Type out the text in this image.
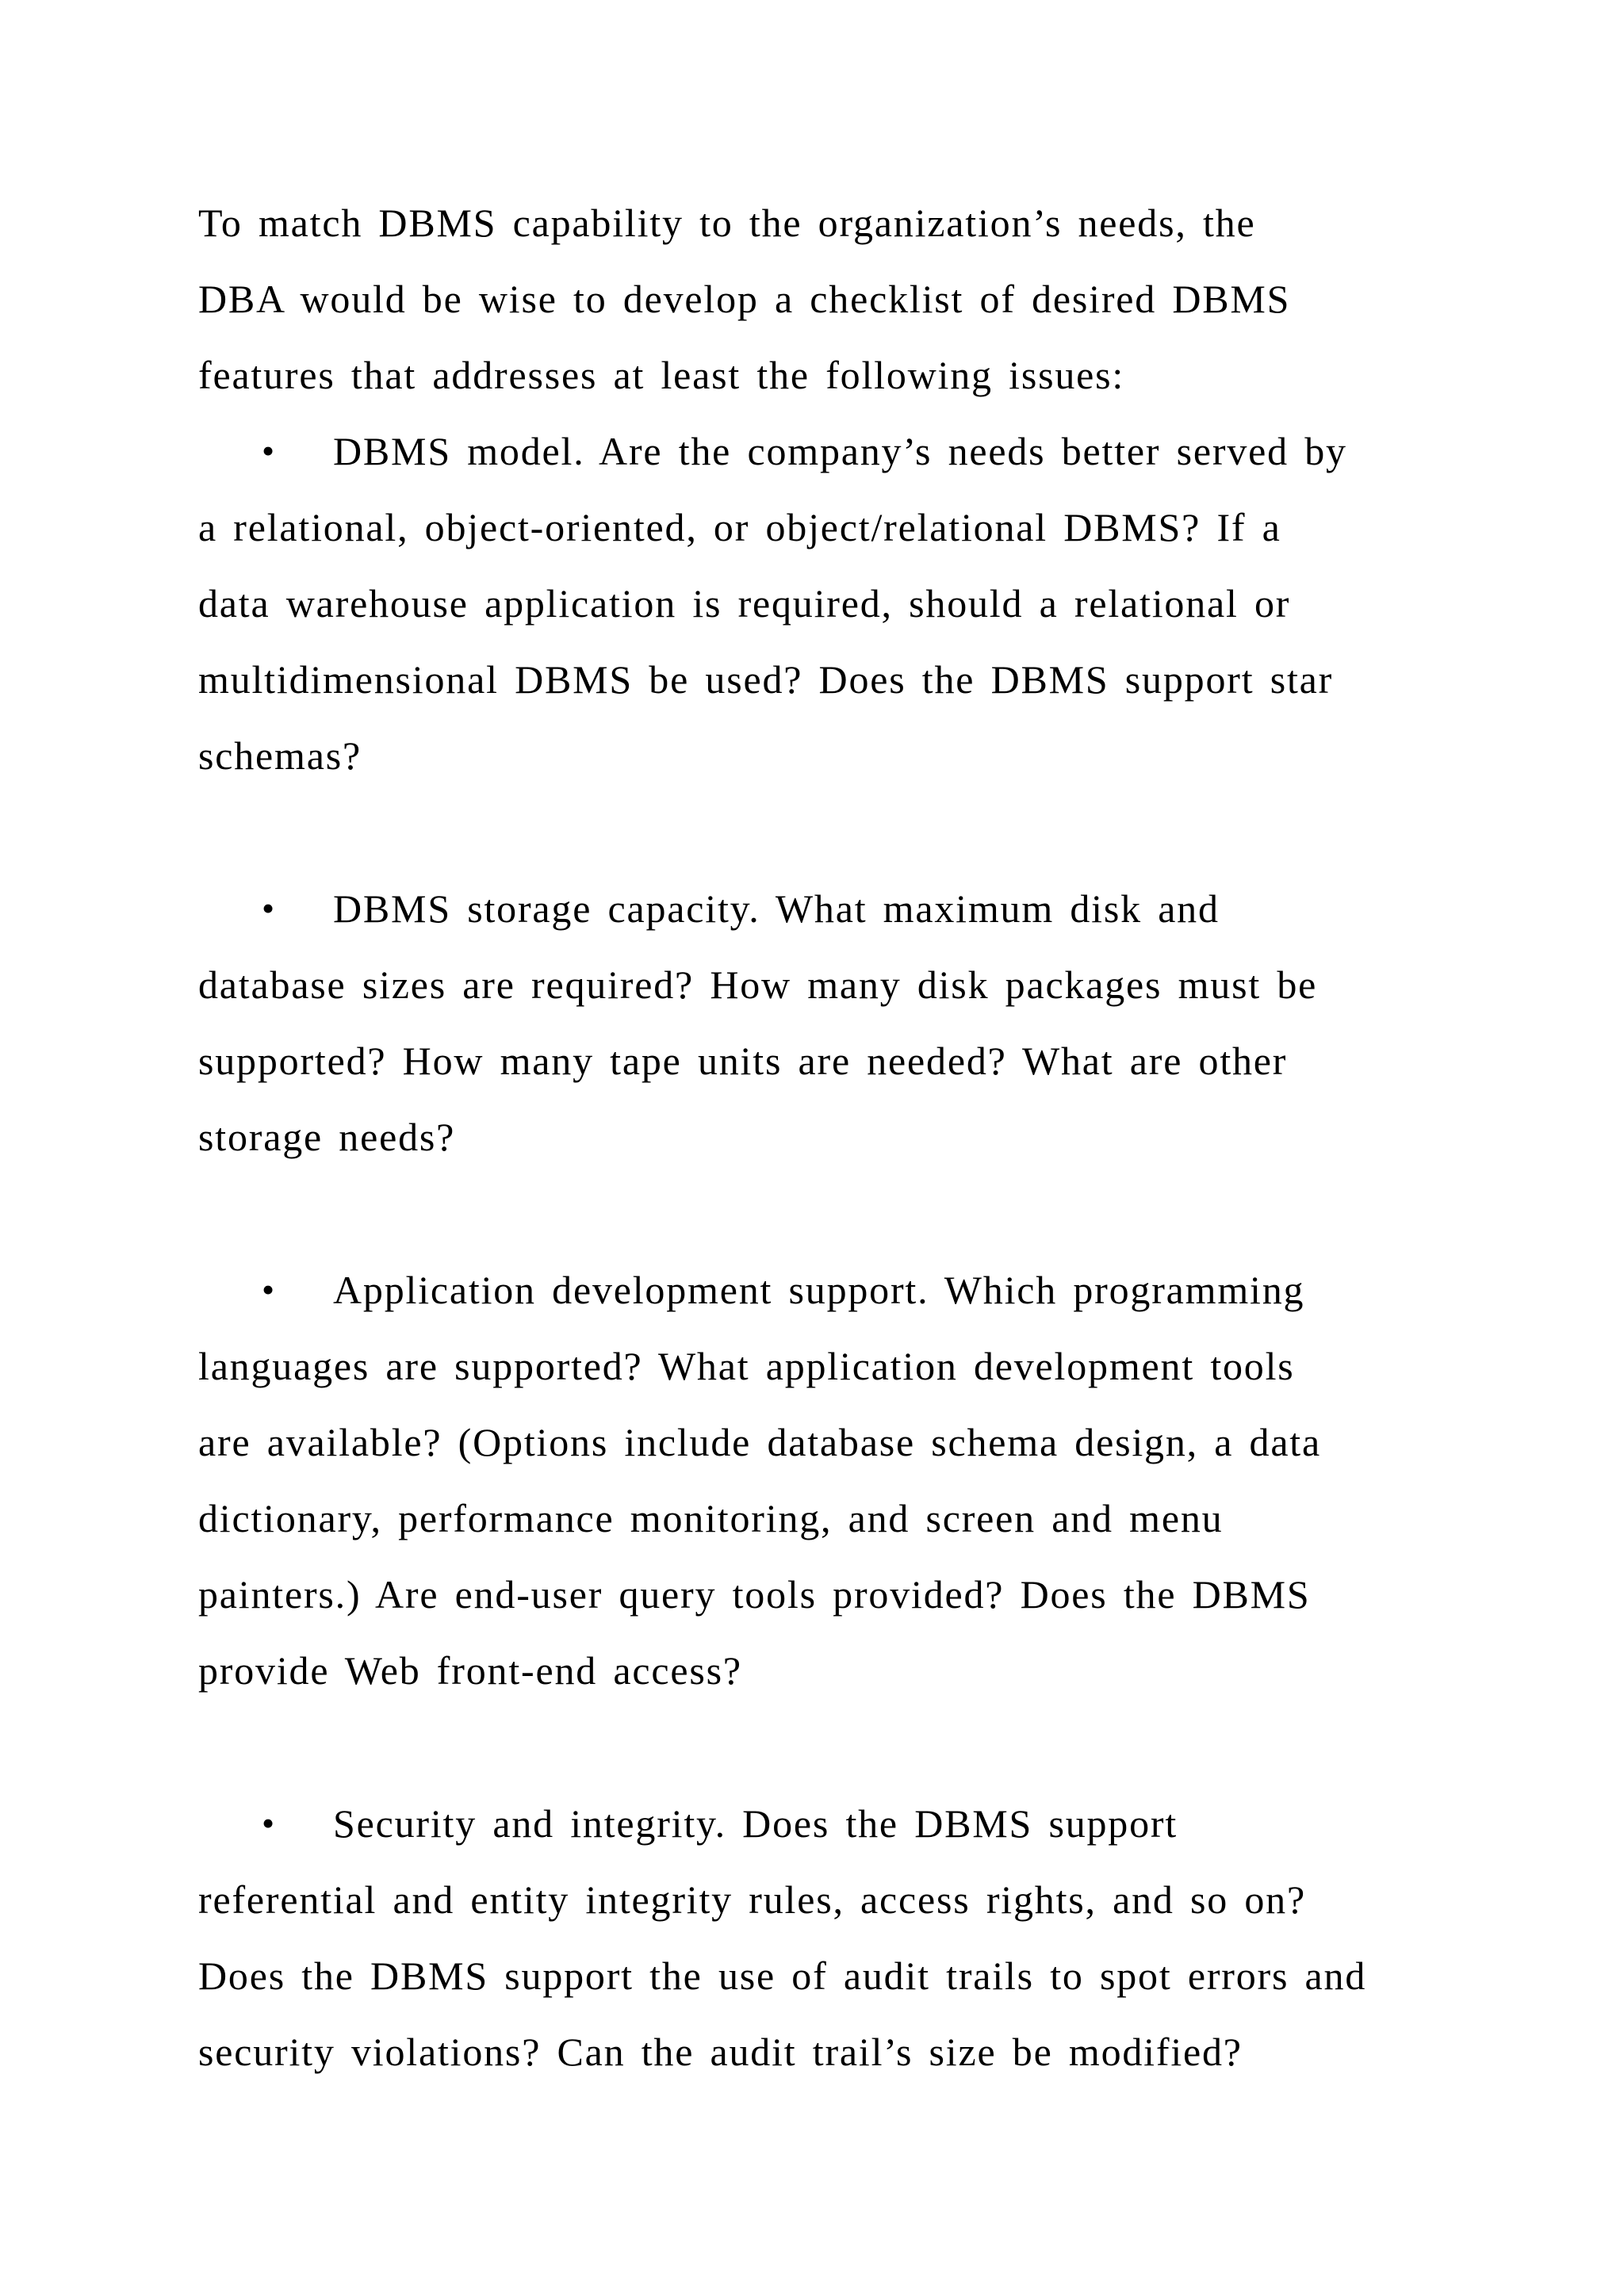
To match DBMS capability to the organization’s needs, the
DBA would be wise to develop a checklist of desired DBMS
features that addresses at least the following issues:
• DBMS model. Are the company’s needs better served by
a relational, object-oriented, or object/relational DBMS? If a
data warehouse application is required, should a relational or
multidimensional DBMS be used? Does the DBMS support star
schemas?
• DBMS storage capacity. What maximum disk and
database sizes are required? How many disk packages must be
supported? How many tape units are needed? What are other
storage needs?
• Application development support. Which programming
languages are supported? What application development tools
are available? (Options include database schema design, a data
dictionary, performance monitoring, and screen and menu
painters.) Are end-user query tools provided? Does the DBMS
provide Web front-end access?
• Security and integrity. Does the DBMS support
referential and entity integrity rules, access rights, and so on?
Does the DBMS support the use of audit trails to spot errors and
security violations? Can the audit trail’s size be modified?
